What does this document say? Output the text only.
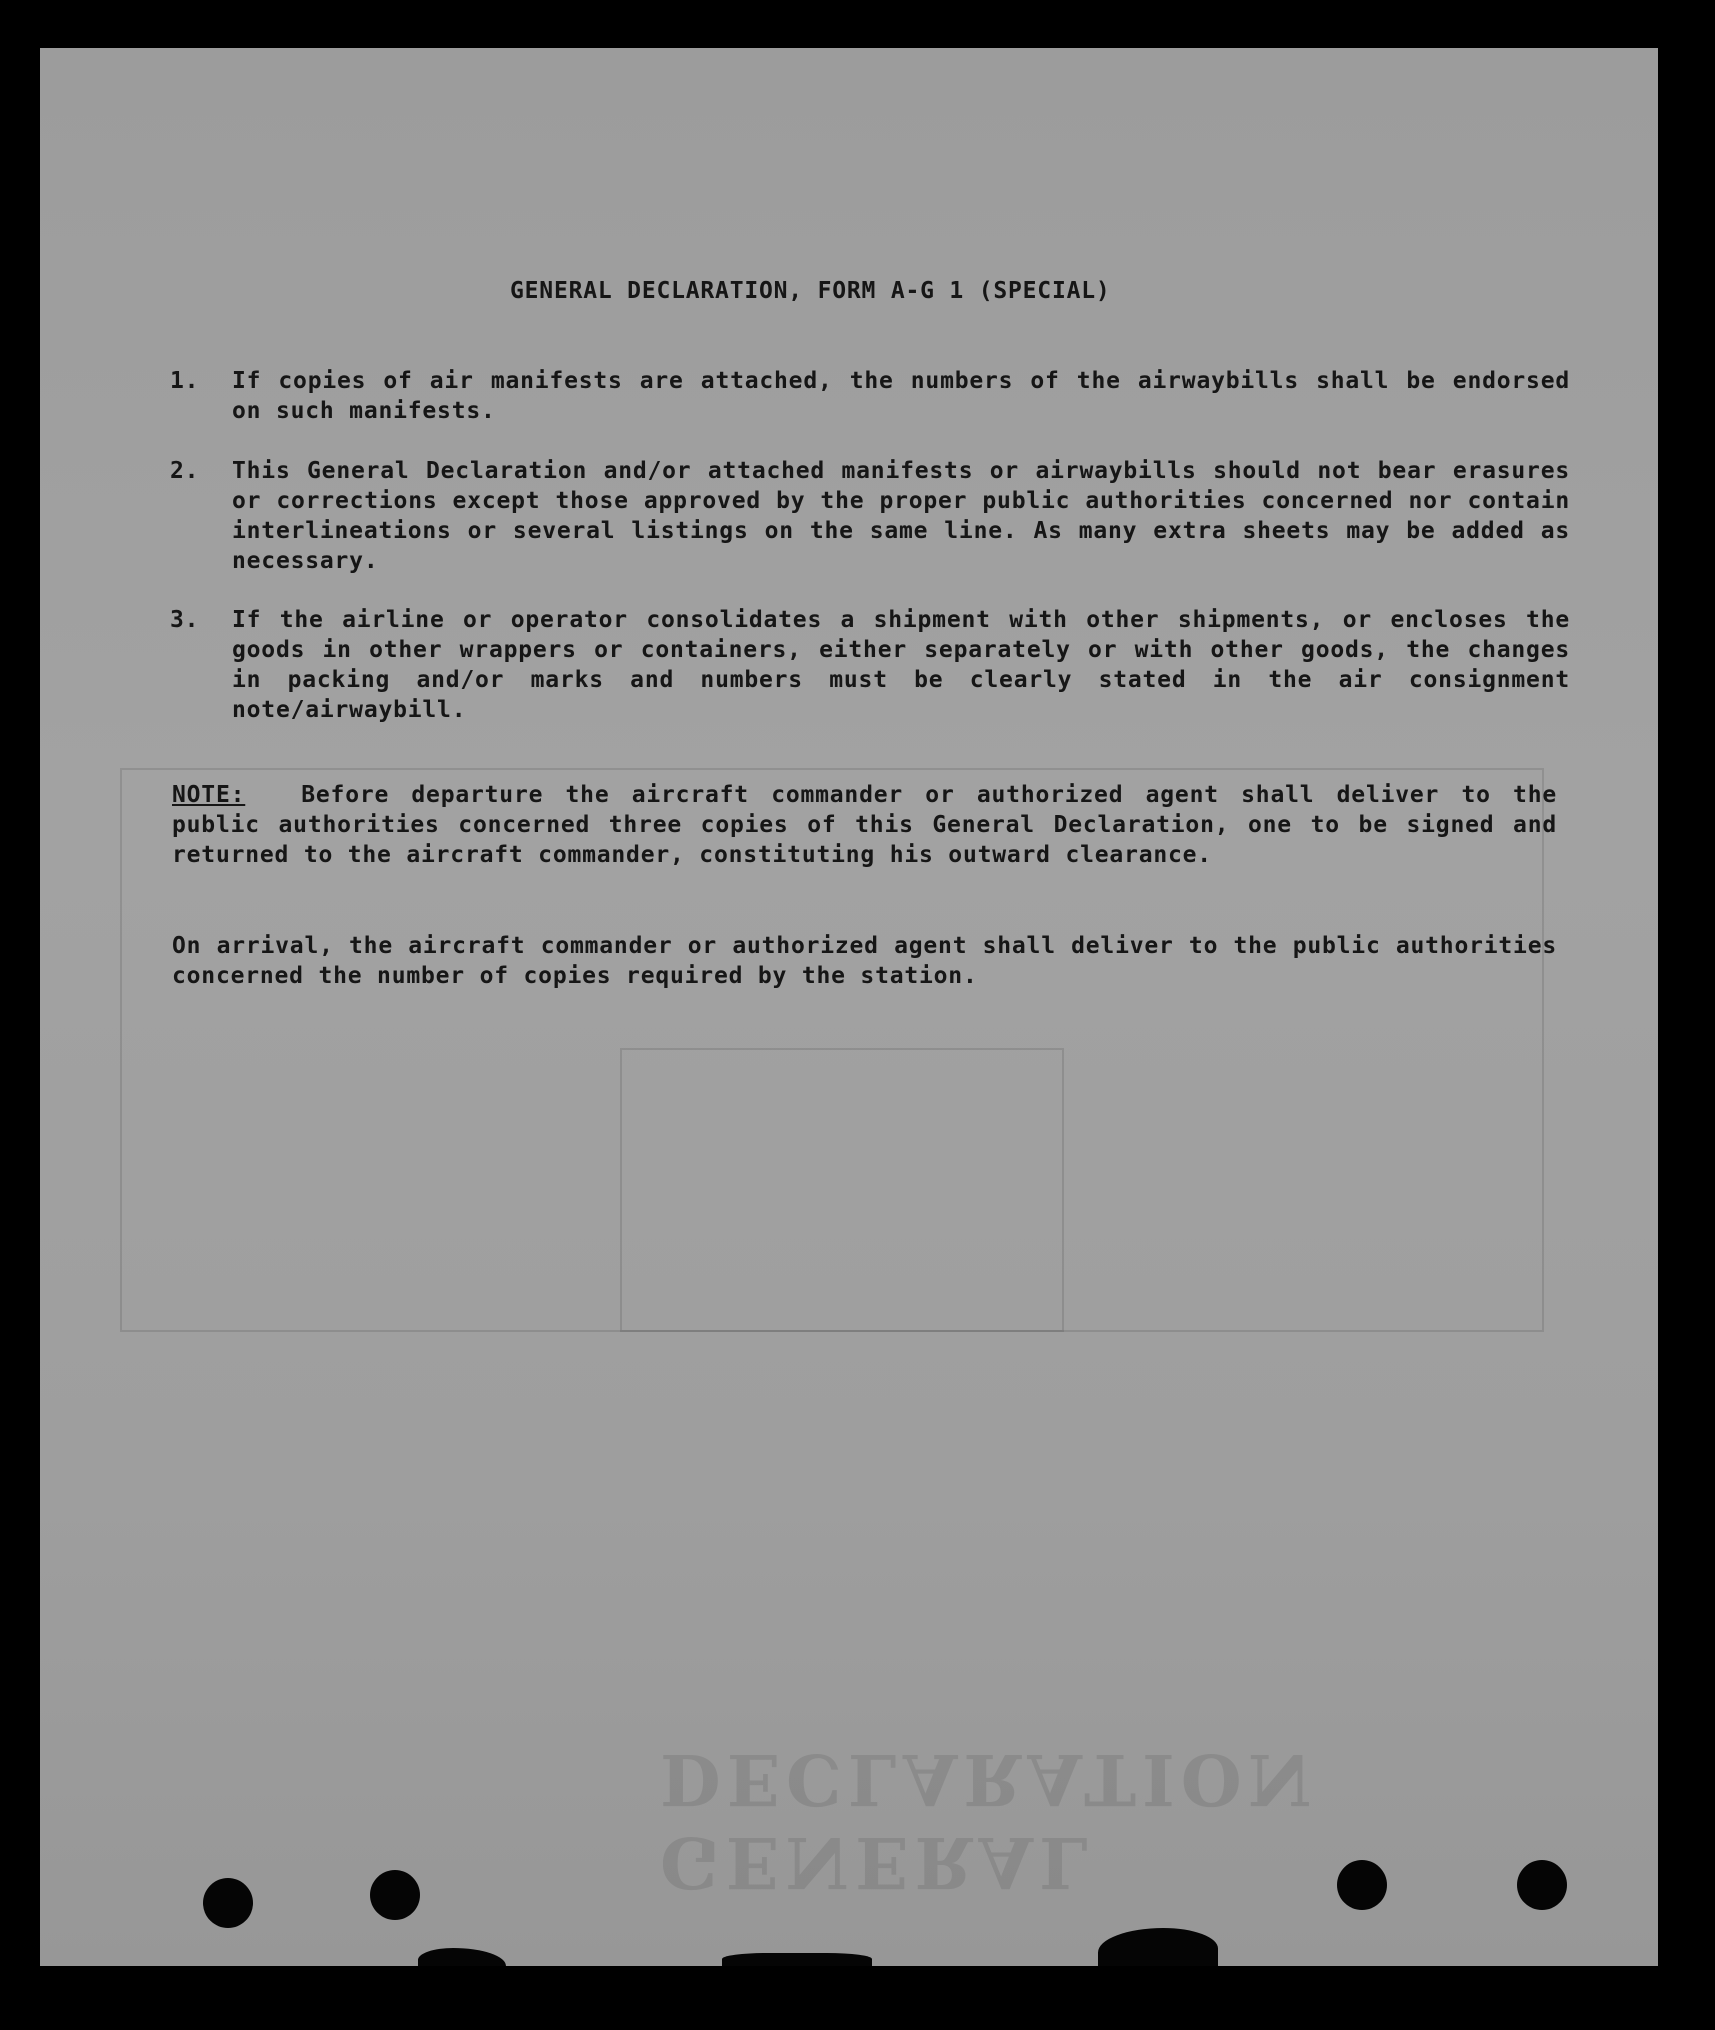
GENERAL DECLARATION
GENERAL DECLARATION, FORM A-G 1 (SPECIAL)
1.	If copies of air manifests are attached, the numbers of the airwaybills shall be endorsed on such manifests.
2.	This General Declaration and/or attached manifests or airwaybills should not bear erasures or corrections except those approved by the proper public authorities concerned nor contain interlineations or several listings on the same line. As many extra sheets may be added as necessary.
3.	If the airline or operator consolidates a shipment with other shipments, or encloses the goods in other wrappers or containers, either separately or with other goods, the changes in packing and/or marks and numbers must be clearly stated in the air consignment note/airwaybill.
NOTE: Before departure the aircraft commander or authorized agent shall deliver to the public authorities concerned three copies of this General Declaration, one to be signed and returned to the aircraft commander, constituting his outward clearance.
On arrival, the aircraft commander or authorized agent shall deliver to the public authorities concerned the number of copies required by the station.
